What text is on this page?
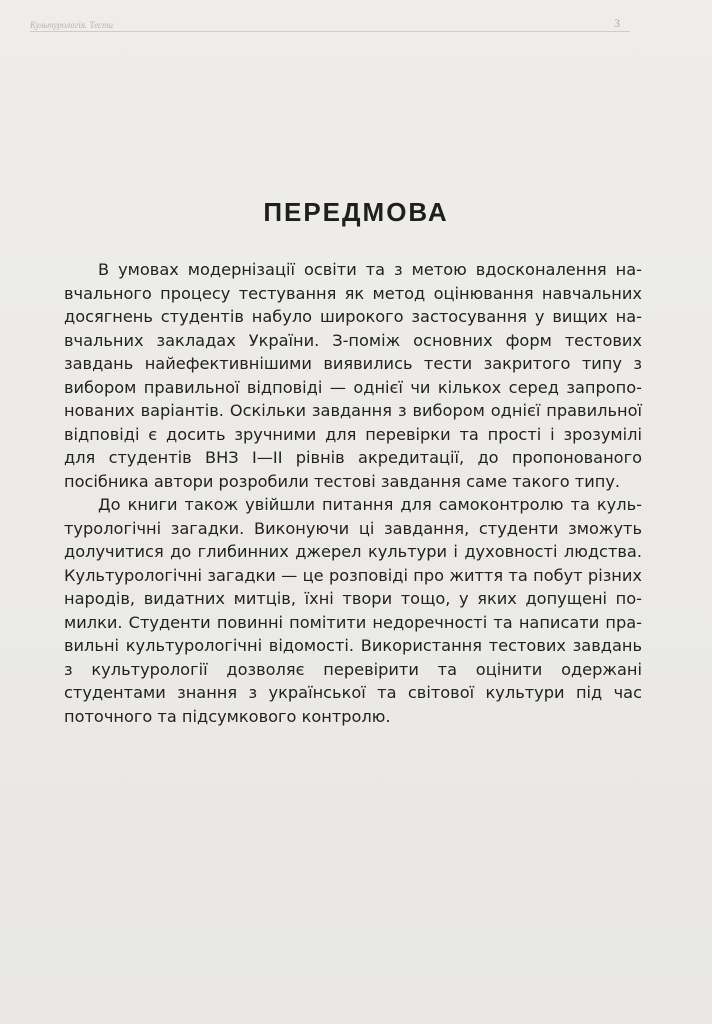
Культурологія. Тести	3
ПЕРЕДМОВА

В умовах модернізації освіти та з метою вдосконалення навчального процесу тестування як метод оцінювання навчальних досягнень студентів набуло широкого застосування у вищих навчальних закладах України. З-поміж основних форм тестових завдань найефективнішими виявились тести закритого типу з вибором правильної відповіді — однієї чи кількох серед запропонованих варіантів. Оскільки завдання з вибором однієї правильної відповіді є досить зручними для перевірки та прості і зрозумілі для студентів ВНЗ І—ІІ рівнів акредитації, до пропонованого посібника автори розробили тестові завдання саме такого типу.

До книги також увійшли питання для самоконтролю та культурологічні загадки. Виконуючи ці завдання, студенти зможуть долучитися до глибинних джерел культури і духовності людства. Культурологічні загадки — це розповіді про життя та побут різних народів, видатних митців, їхні твори тощо, у яких допущені помилки. Студенти повинні помітити недоречності та написати правильні культурологічні відомості. Використання тестових завдань з культурології дозволяє перевірити та оцінити одержані студентами знання з української та світової культури під час поточного та підсумкового контролю.
